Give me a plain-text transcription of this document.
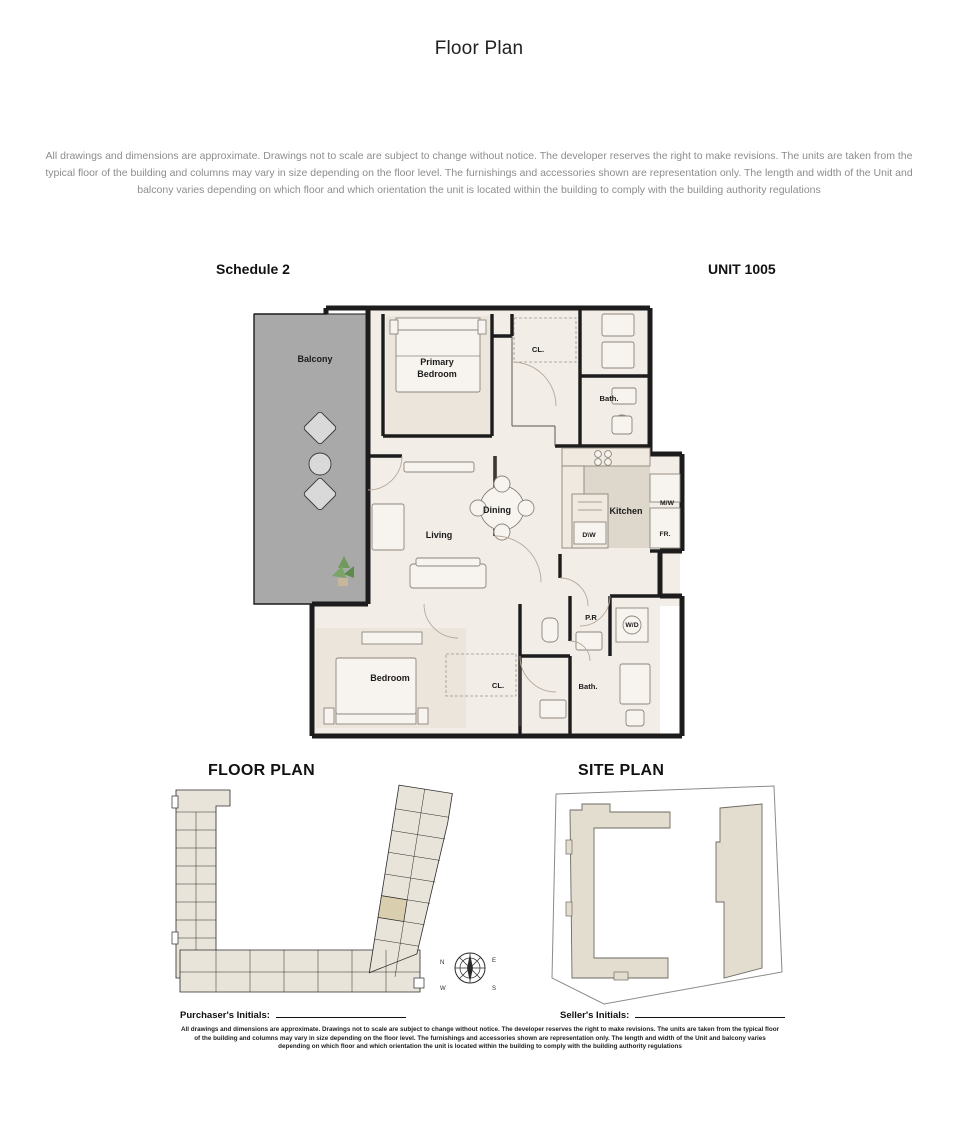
Floor Plan
All drawings and dimensions are approximate. Drawings not to scale are subject to change without notice. The developer reserves the right to make revisions. The units are taken from the typical floor of the building and columns may vary in size depending on the floor level. The furnishings and accessories shown are representation only. The length and width of the Unit and balcony varies depending on which floor and which orientation the unit is located within the building to comply with the building authority regulations
Schedule 2	UNIT 1005
Balcony	Primary
Bedroom
CL.
Bath.
Dining
Living
Kitchen
M/W
FR.
D\W
P.R
W/D
Bedroom
CL.	Bath.
FLOOR PLAN	SITE PLAN
N	E
S
W
Purchaser's Initials:	Seller's Initials:
All drawings and dimensions are approximate. Drawings not to scale are subject to change without notice. The developer reserves the right to make revisions. The units are taken from the typical floor of the building and columns may vary in size depending on the floor level. The furnishings and accessories shown are representation only. The length and width of the Unit and balcony varies depending on which floor and which orientation the unit is located within the building to comply with the building authority regulations
